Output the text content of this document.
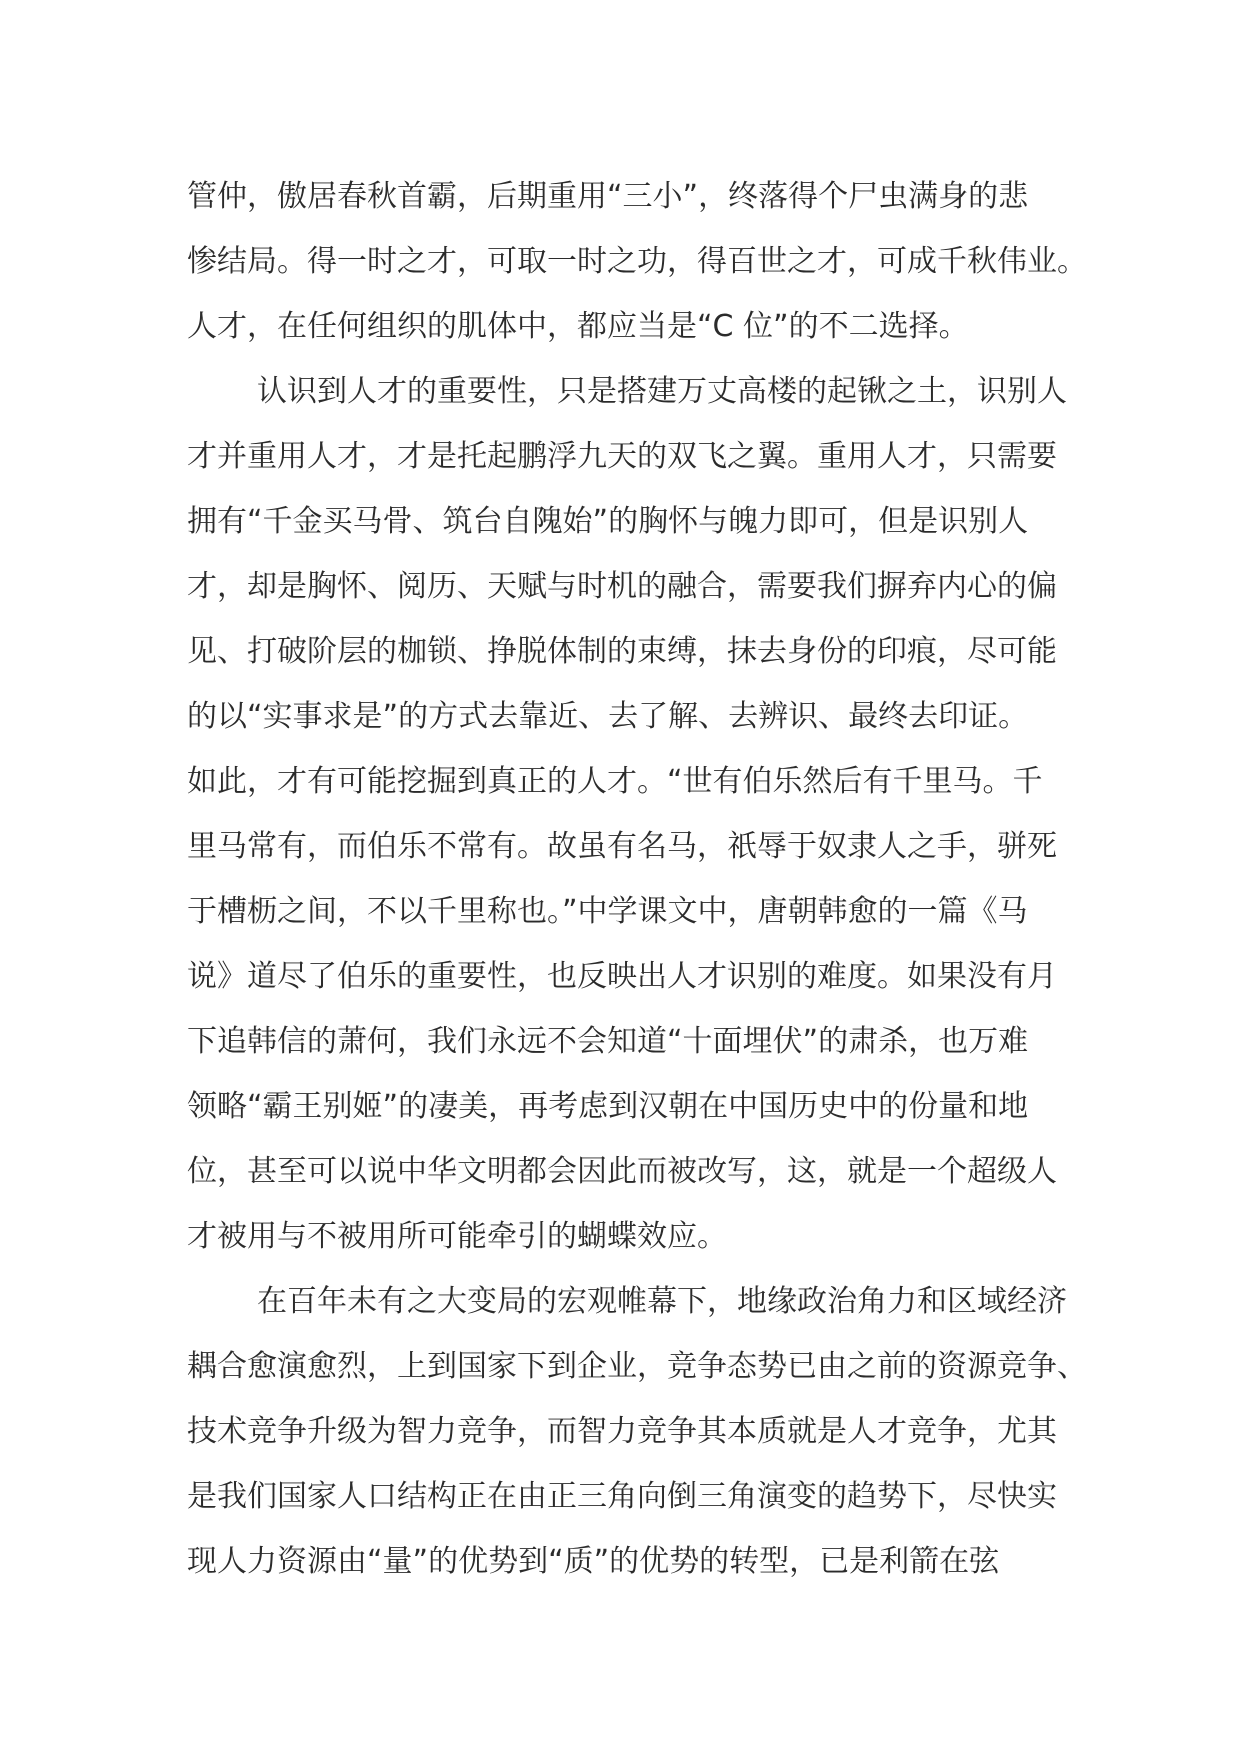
管仲，傲居春秋首霸，后期重用“三小”，终落得个尸虫满身的悲
惨结局。得一时之才，可取一时之功，得百世之才，可成千秋伟业。
人才，在任何组织的肌体中，都应当是“C 位”的不二选择。
认识到人才的重要性，只是搭建万丈高楼的起锹之土，识别人
才并重用人才，才是托起鹏浮九天的双飞之翼。重用人才，只需要
拥有“千金买马骨、筑台自隗始”的胸怀与魄力即可，但是识别人
才，却是胸怀、阅历、天赋与时机的融合，需要我们摒弃内心的偏
见、打破阶层的枷锁、挣脱体制的束缚，抹去身份的印痕，尽可能
的以“实事求是”的方式去靠近、去了解、去辨识、最终去印证。
如此，才有可能挖掘到真正的人才。“世有伯乐然后有千里马。千
里马常有，而伯乐不常有。故虽有名马，祇辱于奴隶人之手，骈死
于槽枥之间，不以千里称也。”中学课文中，唐朝韩愈的一篇《马
说》道尽了伯乐的重要性，也反映出人才识别的难度。如果没有月
下追韩信的萧何，我们永远不会知道“十面埋伏”的肃杀，也万难
领略“霸王别姬”的凄美，再考虑到汉朝在中国历史中的份量和地
位，甚至可以说中华文明都会因此而被改写，这，就是一个超级人
才被用与不被用所可能牵引的蝴蝶效应。
在百年未有之大变局的宏观帷幕下，地缘政治角力和区域经济
耦合愈演愈烈，上到国家下到企业，竞争态势已由之前的资源竞争、
技术竞争升级为智力竞争，而智力竞争其本质就是人才竞争，尤其
是我们国家人口结构正在由正三角向倒三角演变的趋势下，尽快实
现人力资源由“量”的优势到“质”的优势的转型，已是利箭在弦
